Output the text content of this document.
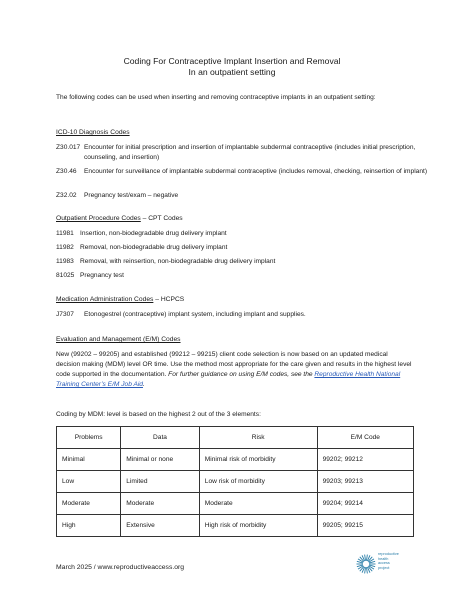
Coding For Contraceptive Implant Insertion and Removal
In an outpatient setting
The following codes can be used when inserting and removing contraceptive implants in an outpatient setting:
ICD-10 Diagnosis Codes
Z30.017 Encounter for initial prescription and insertion of implantable subdermal contraceptive (includes initial prescription, counseling, and insertion)
Z30.46 Encounter for surveillance of implantable subdermal contraceptive (includes removal, checking, reinsertion of implant)
Z32.02 Pregnancy test/exam – negative
Outpatient Procedure Codes – CPT Codes
11981 Insertion, non-biodegradable drug delivery implant
11982 Removal, non-biodegradable drug delivery implant
11983 Removal, with reinsertion, non-biodegradable drug delivery implant
81025 Pregnancy test
Medication Administration Codes – HCPCS
J7307 Etonogestrel (contraceptive) implant system, including implant and supplies.
Evaluation and Management (E/M) Codes
New (99202 – 99205) and established (99212 – 99215) client code selection is now based on an updated medical decision making (MDM) level OR time. Use the method most appropriate for the care given and results in the highest level code supported in the documentation. For further guidance on using E/M codes, see the Reproductive Health National Training Center’s E/M Job Aid.
Coding by MDM: level is based on the highest 2 out of the 3 elements:
Problems	Data	Risk	E/M Code
Minimal	Minimal or none	Minimal risk of morbidity	99202; 99212
Low	Limited	Low risk of morbidity	99203; 99213
Moderate	Moderate	Moderate	99204; 99214
High	Extensive	High risk of morbidity	99205; 99215
March 2025 / www.reproductiveaccess.org
reproductive
health
access
project
